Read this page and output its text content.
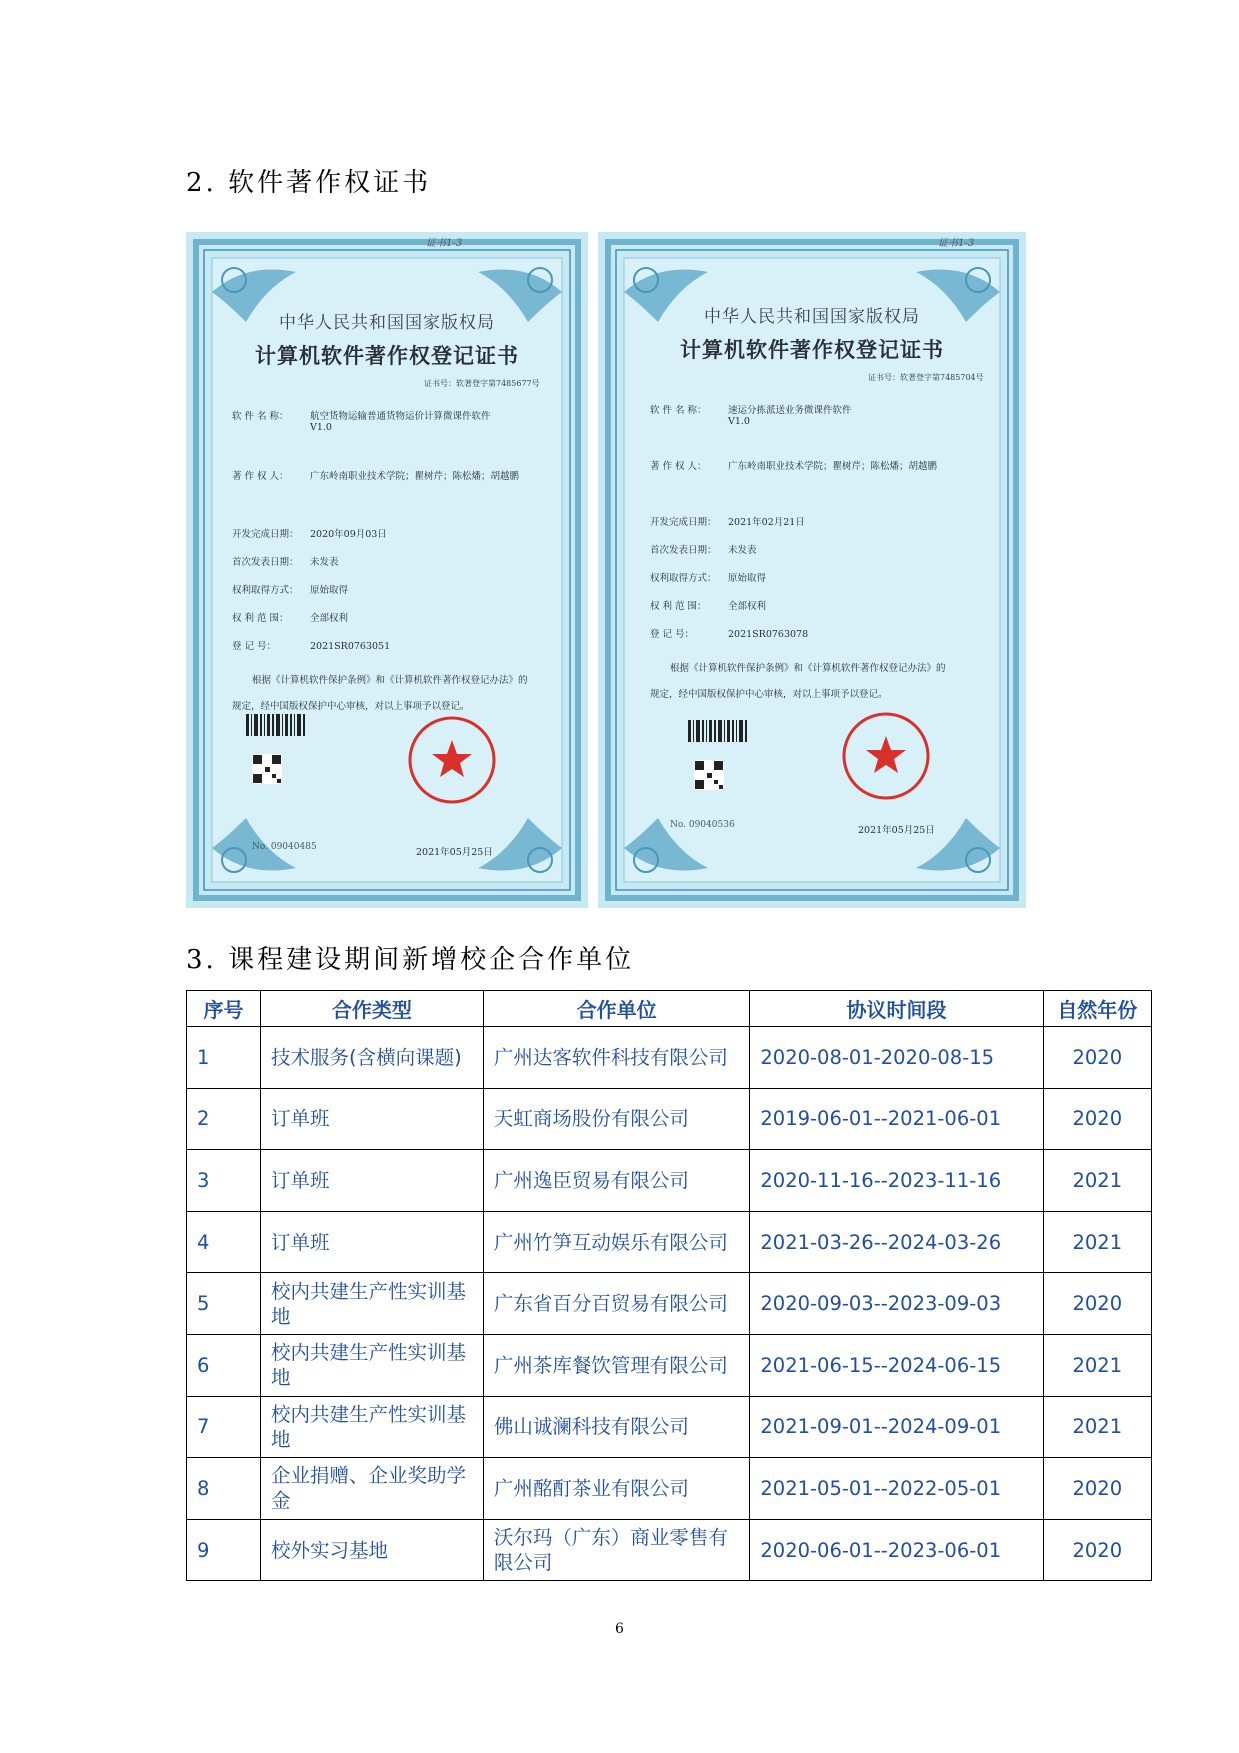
2. 软件著作权证书
证书1-3
中华人民共和国国家版权局
计算机软件著作权登记证书
证书号：软著登字第7485677号
软 件 名 称： 航空货物运输普通货物运价计算微课件软件
V1.0
著 作 权 人： 广东岭南职业技术学院；瞿树芹；陈松燔；胡越鹏
开发完成日期： 2020年09月03日
首次发表日期： 未发表
权利取得方式： 原始取得
权 利 范 围： 全部权利
登 记 号：	2021SR0763051
根据《计算机软件保护条例》和《计算机软件著作权登记办法》的
规定，经中国版权保护中心审核，对以上事项予以登记。
No. 09040485	2021年05月25日
证书1-3
中华人民共和国国家版权局
计算机软件著作权登记证书
证书号：软著登字第7485704号
软 件 名 称： 速运分拣派送业务微课件软件
V1.0
著 作 权 人： 广东岭南职业技术学院；瞿树芹；陈松燔；胡越鹏
开发完成日期： 2021年02月21日
首次发表日期： 未发表
权利取得方式： 原始取得
权 利 范 围： 全部权利
登 记 号：	2021SR0763078
根据《计算机软件保护条例》和《计算机软件著作权登记办法》的
规定，经中国版权保护中心审核，对以上事项予以登记。
No. 09040536	2021年05月25日
3. 课程建设期间新增校企合作单位
序号	合作类型	合作单位	协议时间段	自然年份
1	技术服务(含横向课题)	广州达客软件科技有限公司	2020-08-01-2020-08-15	2020
2	订单班	天虹商场股份有限公司	2019-06-01--2021-06-01	2020
3	订单班	广州逸臣贸易有限公司	2020-11-16--2023-11-16	2021
4	订单班	广州竹笋互动娱乐有限公司	2021-03-26--2024-03-26	2021
5	校内共建生产性实训基地	广东省百分百贸易有限公司	2020-09-03--2023-09-03	2020
6	校内共建生产性实训基地	广州茶库餐饮管理有限公司	2021-06-15--2024-06-15	2021
7	校内共建生产性实训基地	佛山诚澜科技有限公司	2021-09-01--2024-09-01	2021
8	企业捐赠、企业奖助学金	广州酩酊茶业有限公司	2021-05-01--2022-05-01	2020
9	校外实习基地	沃尔玛（广东）商业零售有限公司	2020-06-01--2023-06-01	2020
6
